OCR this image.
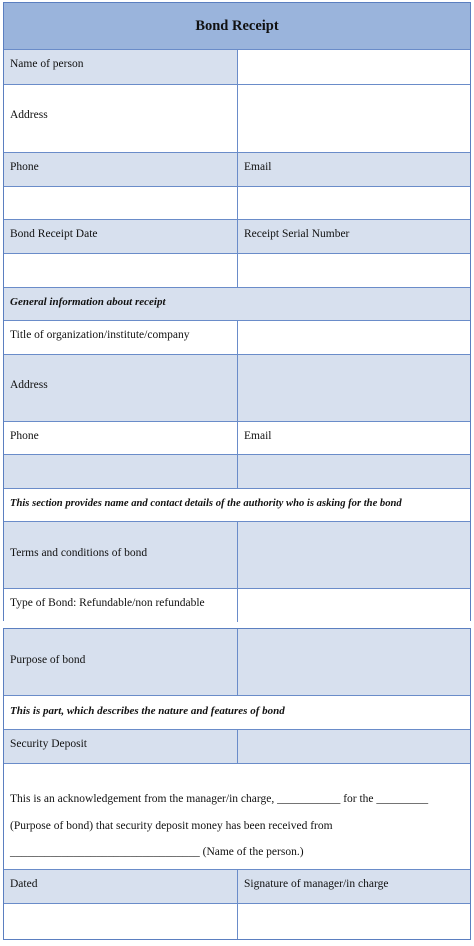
Bond Receipt
Name of person
Address
Phone	Email
Bond Receipt Date	Receipt Serial Number
General information about receipt
Title of organization/institute/company
Address
Phone	Email
This section provides name and contact details of the authority who is asking for the bond
Terms and conditions of bond
Type of Bond: Refundable/non refundable
Purpose of bond
This is part, which describes the nature and features of bond
Security Deposit

This is an acknowledgement from the manager/in charge, ___________ for the _________

(Purpose of bond) that security deposit money has been received from

_________________________________ (Name of the person.)

Dated	Signature of manager/in charge
